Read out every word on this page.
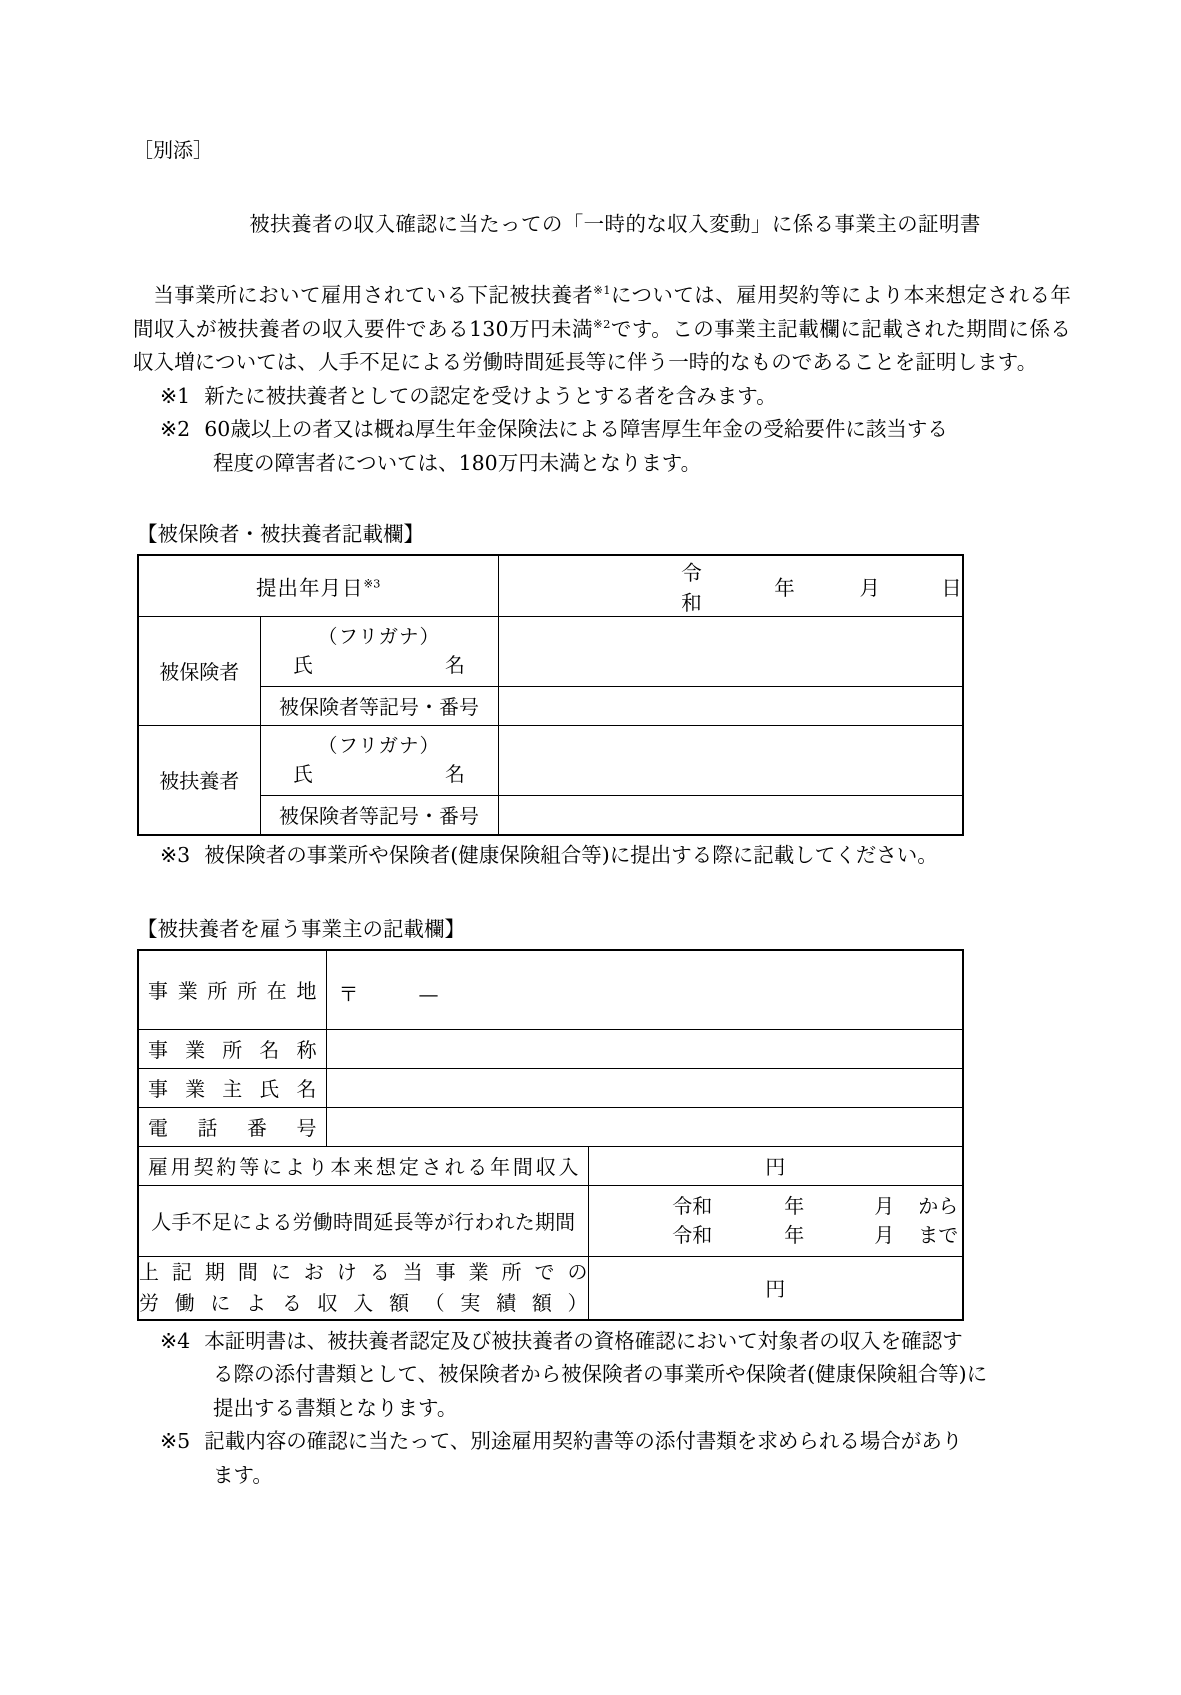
［別添］
被扶養者の収入確認に当たっての「一時的な収入変動」に係る事業主の証明書

当事業所において雇用されている下記被扶養者$^{※1}$については、雇用契約等により本来想定される年間収入が被扶養者の収入要件である130万円未満$^{※2}$です。この事業主記載欄に記載された期間に係る収入増については、人手不足による労働時間延長等に伴う一時的なものであることを証明します。

※1 新たに被扶養者としての認定を受けようとする者を含みます。

※2 60歳以上の者又は概ね厚生年金保険法による障害厚生年金の受給要件に該当する

程度の障害者については、180万円未満となります。

【被保険者・被扶養者記載欄】
提出年月日$^{※3}$		令和
年 月 日

被保険者	（フリガナ）
氏　　　名	

	被保険者等記号・番号	
被扶養者	（フリガナ）
氏　　　名	

	被保険者等記号・番号	

※3 被保険者の事業所や保険者(健康保険組合等)に提出する際に記載してください。

【被扶養者を雇う事業主の記載欄】
事業所所在地	〒 —	

事業所名称		

事業主氏名		

電話番号		

雇用契約等により本来想定される年間収入		円

人手不足による労働時間延長等が行われた期間		令和 年 月 から
令和 年 月 まで

上記期間における当事業所での
労働による収入額（実績額）		円

※4 本証明書は、被扶養者認定及び被扶養者の資格確認において対象者の収入を確認す

る際の添付書類として、被保険者から被保険者の事業所や保険者(健康保険組合等)に

提出する書類となります。

※5 記載内容の確認に当たって、別途雇用契約書等の添付書類を求められる場合があり

ます。
